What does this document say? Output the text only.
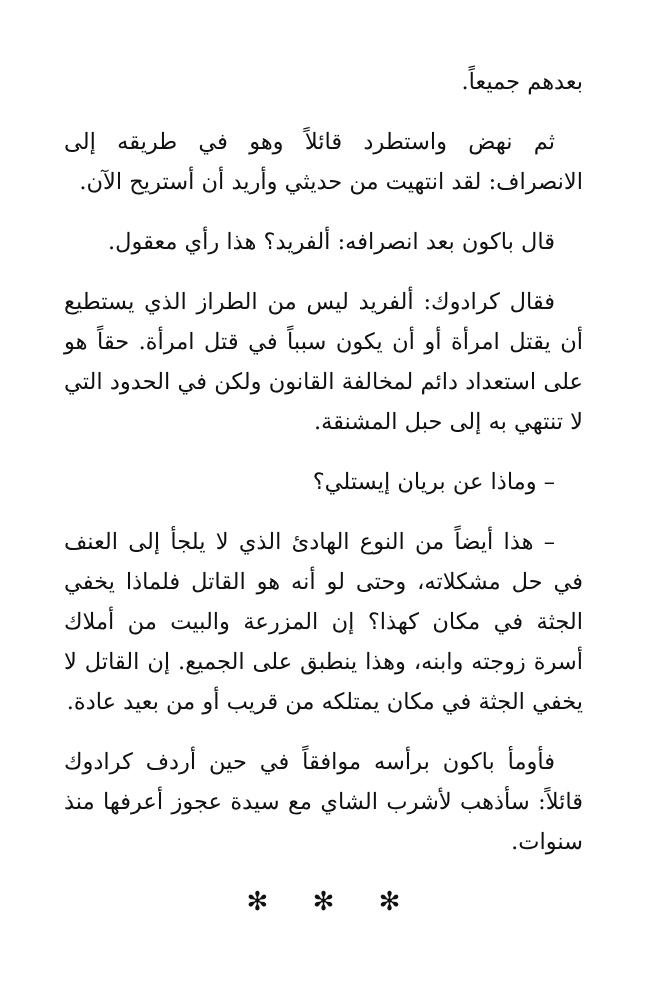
بعدهم جميعاً.

ثم نهض واستطرد قائلاً وهو في طريقه إلى الانصراف: لقد انتهيت من حديثي وأريد أن أستريح الآن.

قال باكون بعد انصرافه: ألفريد؟ هذا رأي معقول.

فقال كرادوك: ألفريد ليس من الطراز الذي يستطيع أن يقتل امرأة أو أن يكون سبباً في قتل امرأة. حقاً هو على استعداد دائم لمخالفة القانون ولكن في الحدود التي لا تنتهي به إلى حبل المشنقة.

– وماذا عن بريان إيستلي؟

– هذا أيضاً من النوع الهادئ الذي لا يلجأ إلى العنف في حل مشكلاته، وحتى لو أنه هو القاتل فلماذا يخفي الجثة في مكان كهذا؟ إن المزرعة والبيت من أملاك أسرة زوجته وابنه، وهذا ينطبق على الجميع. إن القاتل لا يخفي الجثة في مكان يمتلكه من قريب أو من بعيد عادة.

فأومأ باكون برأسه موافقاً في حين أردف كرادوك قائلاً: سأذهب لأشرب الشاي مع سيدة عجوز أعرفها منذ سنوات.

✻ ✻ ✻
